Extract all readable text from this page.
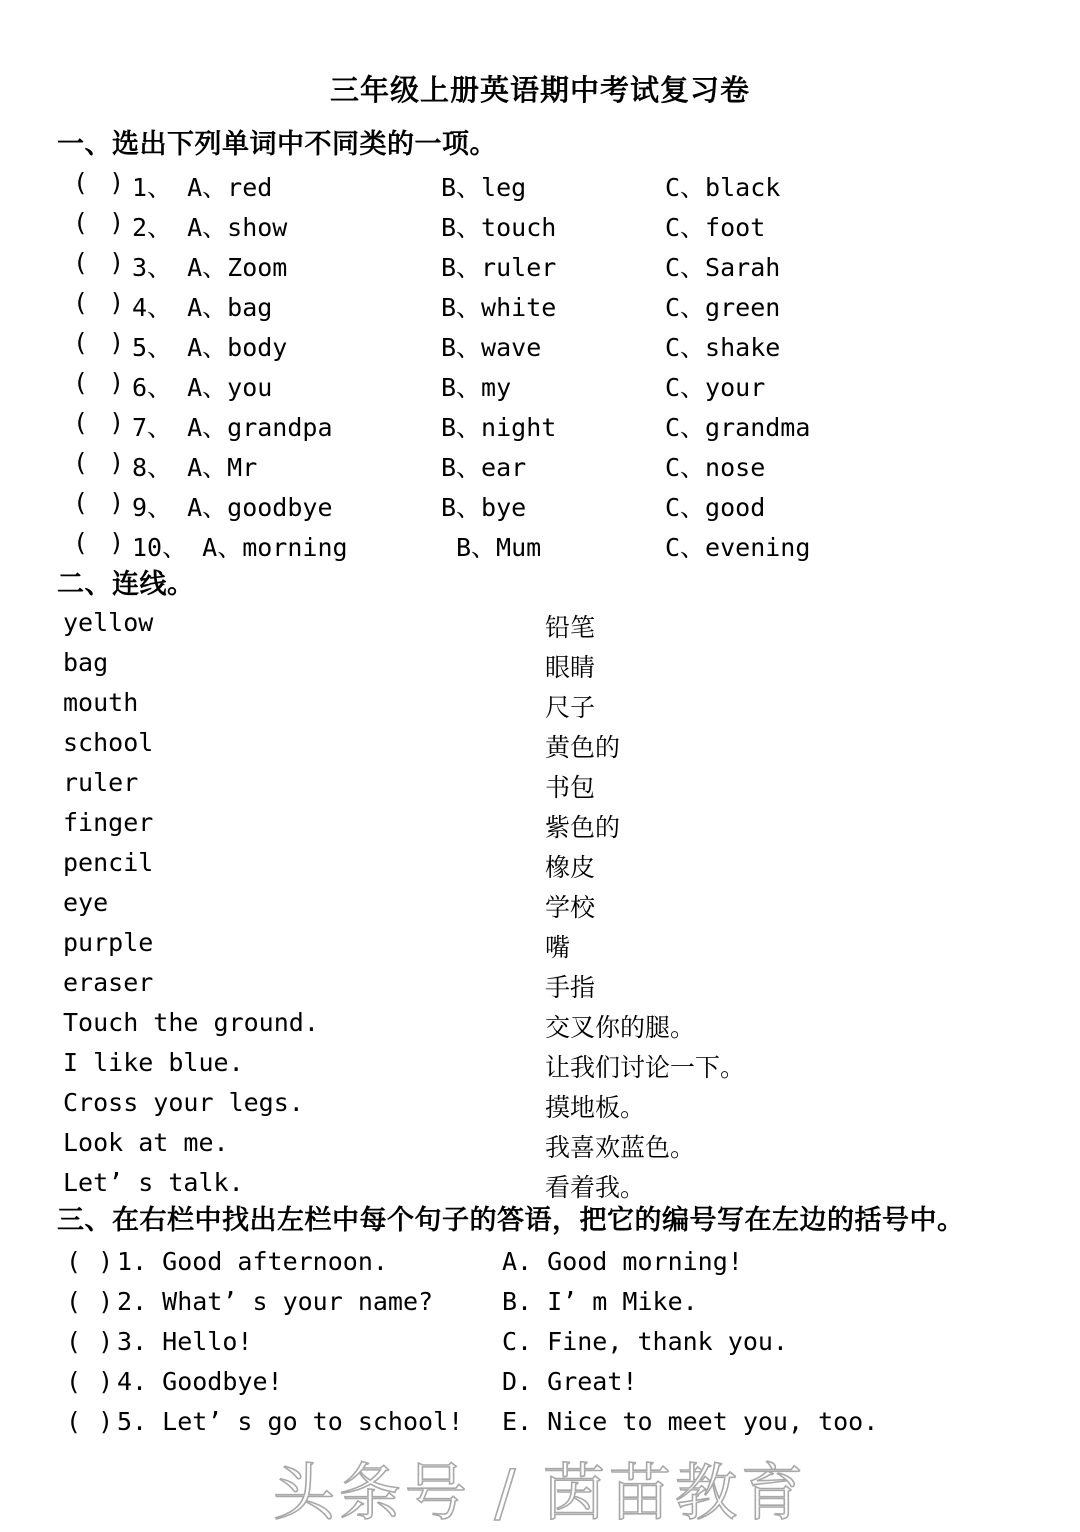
三年级上册英语期中考试复习卷
一、选出下列单词中不同类的一项。
( ) 1、 A、red	B、leg	C、black
( ) 2、 A、show	B、touch	C、foot
( ) 3、 A、Zoom	B、ruler	C、Sarah
( ) 4、 A、bag	B、white	C、green
( ) 5、 A、body	B、wave	C、shake
( ) 6、 A、you	B、my	C、your
( ) 7、 A、grandpa	B、night	C、grandma
( ) 8、 A、Mr	B、ear	C、nose
( ) 9、 A、goodbye	B、bye	C、good
( ) 10、 A、morning	B、Mum	C、evening
二、连线。
yellow	铅笔
bag	眼睛
mouth	尺子
school	黄色的
ruler	书包
finger	紫色的
pencil	橡皮
eye	学校
purple	嘴
eraser	手指
Touch the ground.	交叉你的腿。
I like blue.	让我们讨论一下。
Cross your legs.	摸地板。
Look at me.	我喜欢蓝色。
Let’ s talk.	看着我。
三、在右栏中找出左栏中每个句子的答语，把它的编号写在左边的括号中。
( ) 1. Good afternoon.	A. Good morning!
( ) 2. What’ s your name?	B. I’ m Mike.
( ) 3. Hello!	C. Fine, thank you.
( ) 4. Goodbye!	D. Great!
( ) 5. Let’ s go to school! E. Nice to meet you, too.
头条号 / 茵苗教育
